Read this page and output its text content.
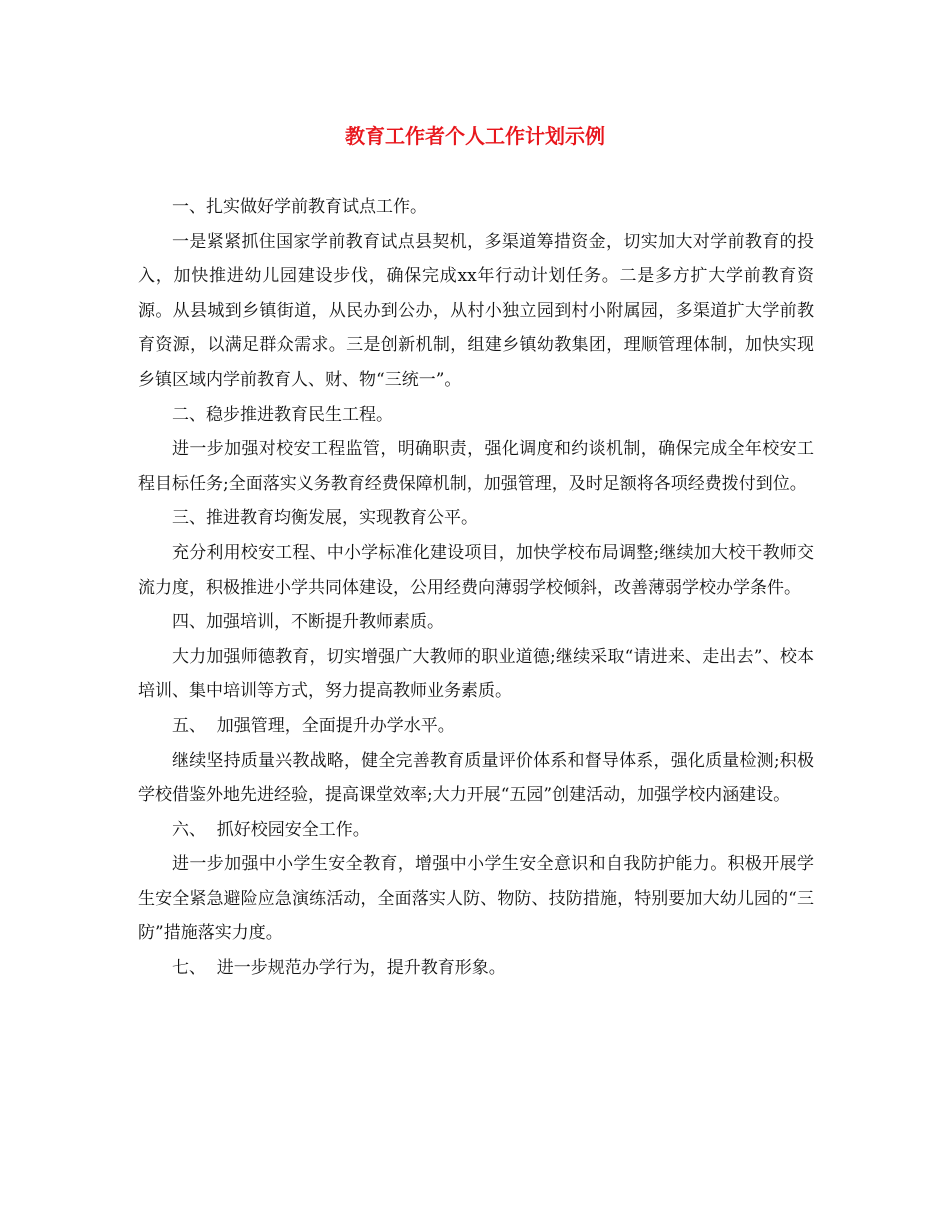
教育工作者个人工作计划示例

一、扎实做好学前教育试点工作。

一是紧紧抓住国家学前教育试点县契机，多渠道筹措资金，切实加大对学前教育的投入，加快推进幼儿园建设步伐，确保完成xx年行动计划任务。二是多方扩大学前教育资源。从县城到乡镇街道，从民办到公办，从村小独立园到村小附属园，多渠道扩大学前教育资源，以满足群众需求。三是创新机制，组建乡镇幼教集团，理顺管理体制，加快实现乡镇区域内学前教育人、财、物“三统一”。

二、稳步推进教育民生工程。

进一步加强对校安工程监管，明确职责，强化调度和约谈机制，确保完成全年校安工程目标任务;全面落实义务教育经费保障机制，加强管理，及时足额将各项经费拨付到位。

三、推进教育均衡发展，实现教育公平。

充分利用校安工程、中小学标准化建设项目，加快学校布局调整;继续加大校干教师交流力度，积极推进小学共同体建设，公用经费向薄弱学校倾斜，改善薄弱学校办学条件。

四、加强培训，不断提升教师素质。

大力加强师德教育，切实增强广大教师的职业道德;继续采取“请进来、走出去”、校本培训、集中培训等方式，努力提高教师业务素质。

五、  加强管理，全面提升办学水平。

继续坚持质量兴教战略，健全完善教育质量评价体系和督导体系，强化质量检测;积极学校借鉴外地先进经验，提高课堂效率;大力开展“五园”创建活动，加强学校内涵建设。

六、  抓好校园安全工作。

进一步加强中小学生安全教育，增强中小学生安全意识和自我防护能力。积极开展学生安全紧急避险应急演练活动，全面落实人防、物防、技防措施，特别要加大幼儿园的“三防”措施落实力度。

七、  进一步规范办学行为，提升教育形象。
